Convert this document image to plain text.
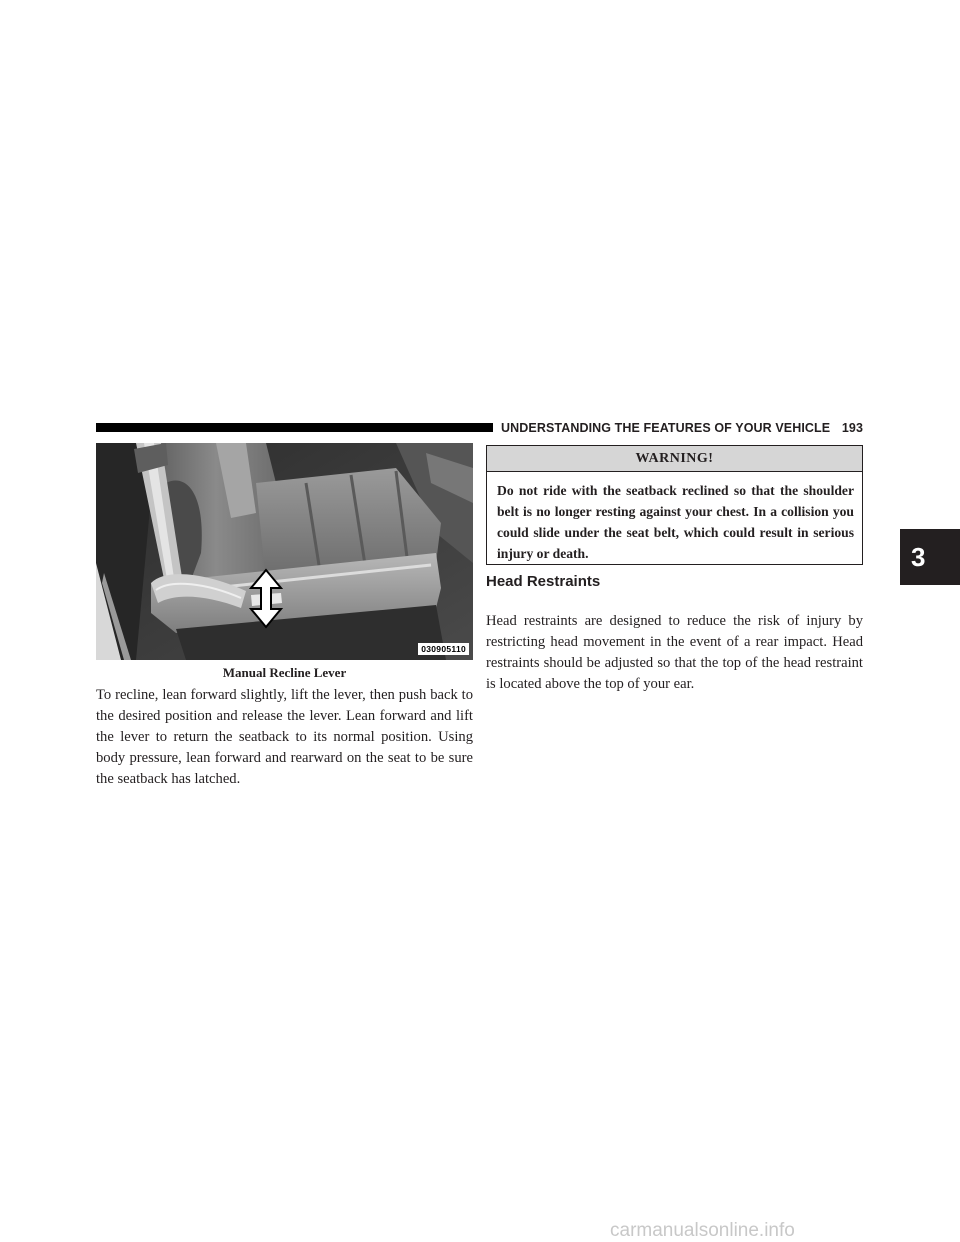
UNDERSTANDING THE FEATURES OF YOUR VEHICLE 193
3
030905110
Manual Recline Lever

To recline, lean forward slightly, lift the lever, then push back to the desired position and release the lever. Lean forward and lift the lever to return the seatback to its normal position. Using body pressure, lean forward and rearward on the seat to be sure the seatback has latched.

WARNING!

Do not ride with the seatback reclined so that the shoulder belt is no longer resting against your chest. In a collision you could slide under the seat belt, which could result in serious injury or death.

Head Restraints

Head restraints are designed to reduce the risk of injury by restricting head movement in the event of a rear impact. Head restraints should be adjusted so that the top of the head restraint is located above the top of your ear.

carmanualsonline.info
